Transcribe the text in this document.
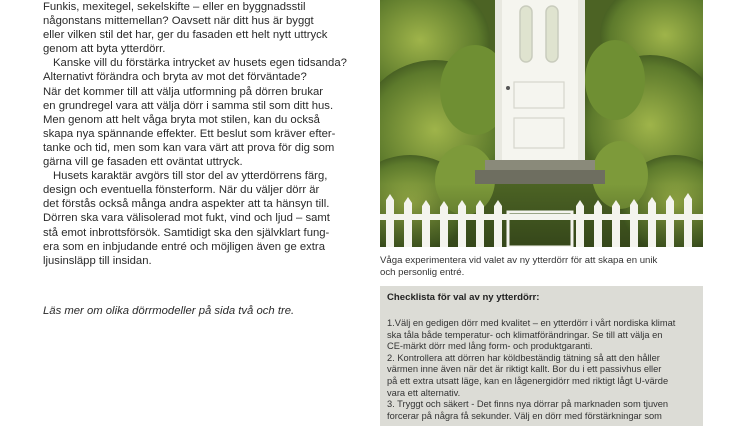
Funkis, mexitegel, sekelskifte – eller en byggnadsstil
någonstans mittemellan? Oavsett när ditt hus är byggt
eller vilken stil det har, ger du fasaden ett helt nytt uttryck
genom att byta ytterdörr.

Kanske vill du förstärka intrycket av husets egen tidsanda?
Alternativt förändra och bryta av mot det förväntade?
När det kommer till att välja utformning på dörren brukar
en grundregel vara att välja dörr i samma stil som ditt hus.
Men genom att helt våga bryta mot stilen, kan du också
skapa nya spännande effekter. Ett beslut som kräver efter-
tanke och tid, men som kan vara värt att prova för dig som
gärna vill ge fasaden ett oväntat uttryck.

Husets karaktär avgörs till stor del av ytterdörrens färg,
design och eventuella fönsterform. När du väljer dörr är
det förstås också många andra aspekter att ta hänsyn till.
Dörren ska vara välisolerad mot fukt, vind och ljud – samt
stå emot inbrottsförsök. Samtidigt ska den självklart fung-
era som en inbjudande entré och möjligen även ge extra
ljusinsläpp till insidan.

Läs mer om olika dörrmodeller på sida två och tre.
Våga experimentera vid valet av ny ytterdörr för att skapa en unik
och personlig entré.
Checklista för val av ny ytterdörr:
1.Välj en gedigen dörr med kvalitet – en ytterdörr i vårt nordiska klimat
ska tåla både temperatur- och klimatförändringar. Se till att välja en
CE-märkt dörr med lång form- och produktgaranti.
2. Kontrollera att dörren har köldbeständig tätning så att den håller
värmen inne även när det är riktigt kallt. Bor du i ett passivhus eller
på ett extra utsatt läge, kan en lågenergidörr med riktigt lågt U-värde
vara ett alternativ.
3. Tryggt och säkert - Det finns nya dörrar på marknaden som tjuven
forcerar på några få sekunder. Välj en dörr med förstärkningar som
